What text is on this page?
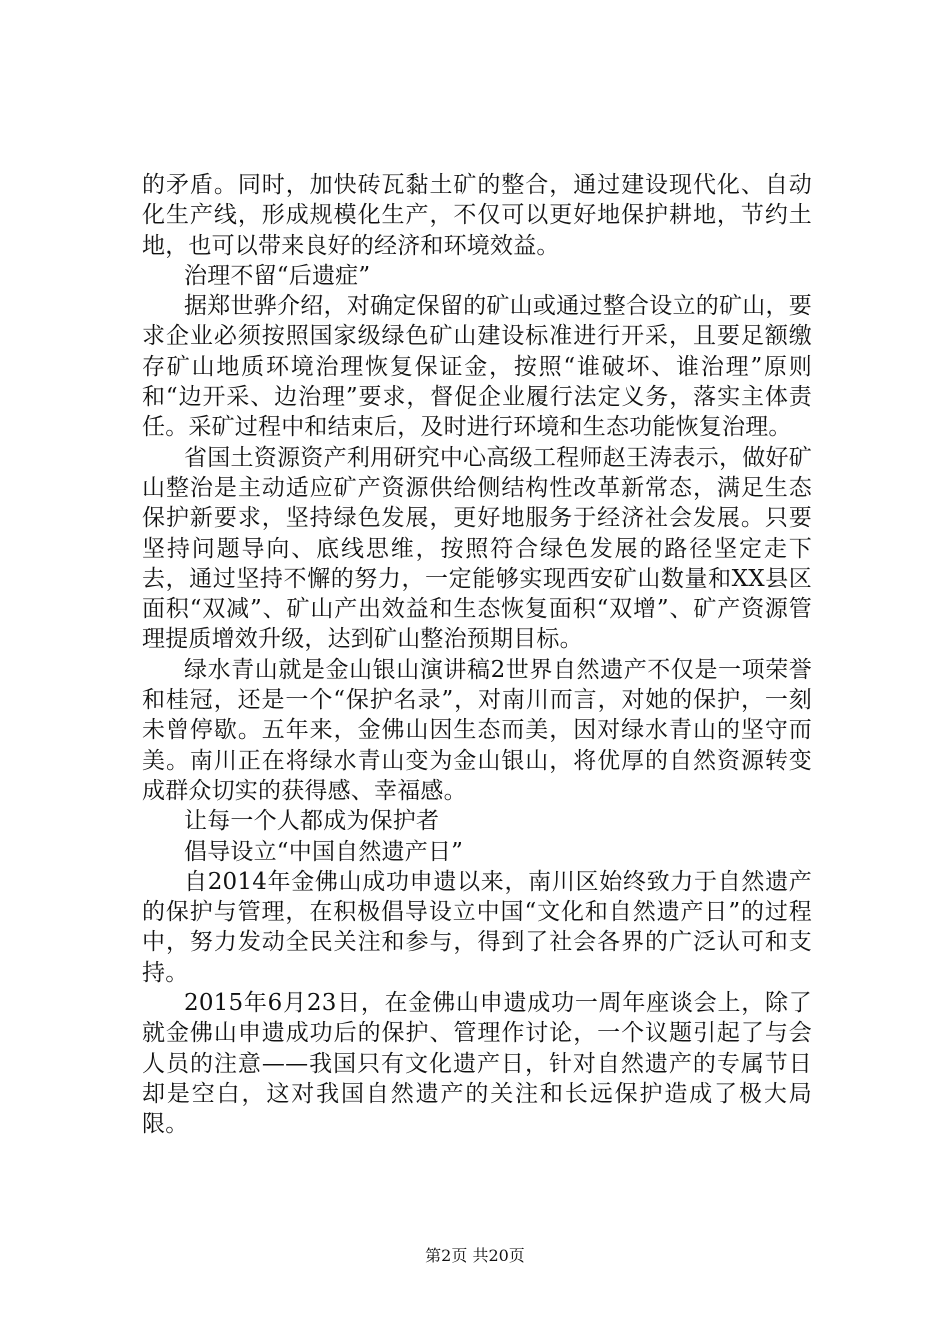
的矛盾。同时，加快砖瓦黏土矿的整合，通过建设现代化、自动化生产线，形成规模化生产，不仅可以更好地保护耕地，节约土地，也可以带来良好的经济和环境效益。

治理不留“后遗症”

据郑世骅介绍，对确定保留的矿山或通过整合设立的矿山，要求企业必须按照国家级绿色矿山建设标准进行开采，且要足额缴存矿山地质环境治理恢复保证金，按照“谁破坏、谁治理”原则和“边开采、边治理”要求，督促企业履行法定义务，落实主体责任。采矿过程中和结束后，及时进行环境和生态功能恢复治理。

省国土资源资产利用研究中心高级工程师赵王涛表示，做好矿山整治是主动适应矿产资源供给侧结构性改革新常态，满足生态保护新要求，坚持绿色发展，更好地服务于经济社会发展。只要坚持问题导向、底线思维，按照符合绿色发展的路径坚定走下去，通过坚持不懈的努力，一定能够实现西安矿山数量和XX县区面积“双减”、矿山产出效益和生态恢复面积“双增”、矿产资源管理提质增效升级，达到矿山整治预期目标。

绿水青山就是金山银山演讲稿2世界自然遗产不仅是一项荣誉和桂冠，还是一个“保护名录”，对南川而言，对她的保护，一刻未曾停歇。五年来，金佛山因生态而美，因对绿水青山的坚守而美。南川正在将绿水青山变为金山银山，将优厚的自然资源转变成群众切实的获得感、幸福感。

让每一个人都成为保护者

倡导设立“中国自然遗产日”

自2014年金佛山成功申遗以来，南川区始终致力于自然遗产的保护与管理，在积极倡导设立中国“文化和自然遗产日”的过程中，努力发动全民关注和参与，得到了社会各界的广泛认可和支持。

2015年6月23日，在金佛山申遗成功一周年座谈会上，除了就金佛山申遗成功后的保护、管理作讨论，一个议题引起了与会人员的注意——我国只有文化遗产日，针对自然遗产的专属节日却是空白，这对我国自然遗产的关注和长远保护造成了极大局限。

第2页 共20页
